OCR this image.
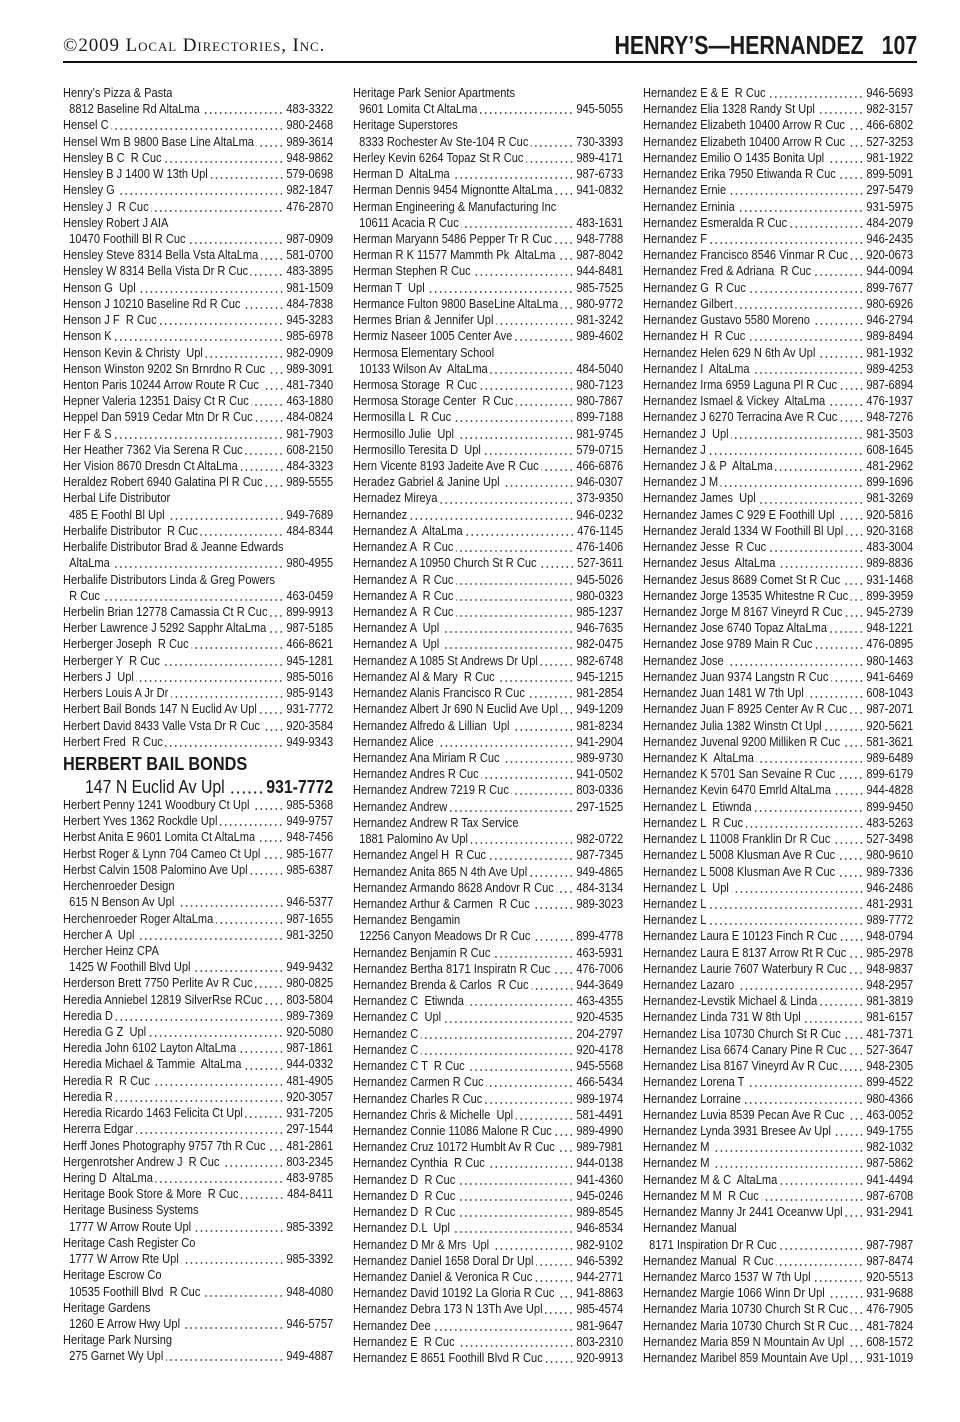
©2009 Local Directories, Inc.	HENRY’S—HERNANDEZ 107
Henry’s Pizza & Pasta
8812 Baseline Rd AltaLma	483-3322
Hensel C	980-2468
Hensel Wm B 9800 Base Line AltaLma	989-3614
Hensley B C  R Cuc	948-9862
Hensley B J 1400 W 13th Upl	579-0698
Hensley G	982-1847
Hensley J  R Cuc	476-2870
Hensley Robert J AIA
10470 Foothill Bl R Cuc	987-0909
Hensley Steve 8314 Bella Vsta AltaLma 581-0700
Hensley W 8314 Bella Vista Dr R Cuc	483-3895
Henson G  Upl	981-1509
Henson J 10210 Baseline Rd R Cuc	484-7838
Henson J F  R Cuc	945-3283
Henson K	985-6978
Henson Kevin & Christy  Upl	982-0909
Henson Winston 9202 Sn Brnrdno R Cuc 989-3091
Henton Paris 10244 Arrow Route R Cuc 481-7340
Hepner Valeria 12351 Daisy Ct R Cuc	463-1880
Heppel Dan 5919 Cedar Mtn Dr R Cuc	484-0824
Her F & S	981-7903
Her Heather 7362 Via Serena R Cuc	608-2150
Her Vision 8670 Dresdn Ct AltaLma	484-3323
Heraldez Robert 6940 Galatina Pl R Cuc 989-5555
Herbal Life Distributor
485 E Foothl Bl Upl	949-7689
Herbalife Distributor  R Cuc	484-8344
Herbalife Distributor Brad & Jeanne Edwards
AltaLma	980-4955
Herbalife Distributors Linda & Greg Powers
R Cuc	463-0459
Herbelin Brian 12778 Camassia Ct R Cuc 899-9913
Herber Lawrence J 5292 Sapphr AltaLma 987-5185
Herberger Joseph  R Cuc	466-8621
Herberger Y  R Cuc	945-1281
Herbers J  Upl	985-5016
Herbers Louis A Jr Dr	985-9143
Herbert Bail Bonds 147 N Euclid Av Upl 931-7772
Herbert David 8433 Valle Vsta Dr R Cuc 920-3584
Herbert Fred  R Cuc	949-9343
HERBERT BAIL BONDS
147 N Euclid Av Upl 931-7772
Herbert Penny 1241 Woodbury Ct Upl	985-5368
Herbert Yves 1362 Rockdle Upl	949-9757
Herbst Anita E 9601 Lomita Ct AltaLma 948-7456
Herbst Roger & Lynn 704 Cameo Ct Upl 985-1677
Herbst Calvin 1508 Palomino Ave Upl	985-6387
Herchenroeder Design
615 N Benson Av Upl	946-5377
Herchenroeder Roger AltaLma	987-1655
Hercher A  Upl	981-3250
Hercher Heinz CPA
1425 W Foothill Blvd Upl	949-9432
Herderson Brett 7750 Perlite Av R Cuc	980-0825
Heredia Anniebel 12819 SilverRse RCuc 803-5804
Heredia D	989-7369
Heredia G Z  Upl	920-5080
Heredia John 6102 Layton AltaLma	987-1861
Heredia Michael & Tammie  AltaLma	944-0332
Heredia R  R Cuc	481-4905
Heredia R	920-3057
Heredia Ricardo 1463 Felicita Ct Upl	931-7205
Hererra Edgar	297-1544
Herff Jones Photography 9757 7th R Cuc 481-2861
Hergenrotsher Andrew J  R Cuc	803-2345
Hering D  AltaLma	483-9785
Heritage Book Store & More  R Cuc	484-8411
Heritage Business Systems
1777 W Arrow Route Upl	985-3392
Heritage Cash Register Co
1777 W Arrow Rte Upl	985-3392
Heritage Escrow Co
10535 Foothill Blvd  R Cuc	948-4080
Heritage Gardens
1260 E Arrow Hwy Upl	946-5757
Heritage Park Nursing
275 Garnet Wy Upl	949-4887
Heritage Park Senior Apartments
9601 Lomita Ct AltaLma	945-5055
Heritage Superstores
8333 Rochester Av Ste-104 R Cuc	730-3393
Herley Kevin 6264 Topaz St R Cuc	989-4171
Herman D  AltaLma	987-6733
Herman Dennis 9454 Mignontte AltaLma 941-0832
Herman Engineering & Manufacturing Inc
10611 Acacia R Cuc	483-1631
Herman Maryann 5486 Pepper Tr R Cuc 948-7788
Herman R K 11577 Mammth Pk  AltaLma 987-8042
Herman Stephen R Cuc	944-8481
Herman T  Upl	985-7525
Hermance Fulton 9800 BaseLine AltaLma 980-9772
Hermes Brian & Jennifer Upl	981-3242
Hermiz Naseer 1005 Center Ave	989-4602
Hermosa Elementary School
10133 Wilson Av  AltaLma	484-5040
Hermosa Storage  R Cuc	980-7123
Hermosa Storage Center  R Cuc	980-7867
Hermosilla L  R Cuc	899-7188
Hermosillo Julie  Upl	981-9745
Hermosillo Teresita D  Upl	579-0715
Hern Vicente 8193 Jadeite Ave R Cuc	466-6876
Heradez Gabriel & Janine Upl	946-0307
Hernadez Mireya	373-9350
Hernandez	946-0232
Hernandez A  AltaLma	476-1145
Hernandez A  R Cuc	476-1406
Hernandez A 10950 Church St R Cuc	527-3611
Hernandez A  R Cuc	945-5026
Hernandez A  R Cuc	980-0323
Hernandez A  R Cuc	985-1237
Hernandez A  Upl	946-7635
Hernandez A  Upl	982-0475
Hernandez A 1085 St Andrews Dr Upl	982-6748
Hernandez Al & Mary  R Cuc	945-1215
Hernandez Alanis Francisco R Cuc	981-2854
Hernandez Albert Jr 690 N Euclid Ave Upl 949-1209
Hernandez Alfredo & Lillian  Upl	981-8234
Hernandez Alice	941-2904
Hernandez Ana Miriam R Cuc	989-9730
Hernandez Andres R Cuc	941-0502
Hernandez Andrew 7219 R Cuc	803-0336
Hernandez Andrew	297-1525
Hernandez Andrew R Tax Service
1881 Palomino Av Upl	982-0722
Hernandez Angel H  R Cuc	987-7345
Hernandez Anita 865 N 4th Ave Upl	949-4865
Hernandez Armando 8628 Andovr R Cuc 484-3134
Hernandez Arthur & Carmen  R Cuc	989-3023
Hernandez Bengamin
12256 Canyon Meadows Dr R Cuc	899-4778
Hernandez Benjamin R Cuc	463-5931
Hernandez Bertha 8171 Inspiratn R Cuc 476-7006
Hernandez Brenda & Carlos  R Cuc	944-3649
Hernandez C  Etiwnda	463-4355
Hernandez C  Upl	920-4535
Hernandez C	204-2797
Hernandez C	920-4178
Hernandez C T  R Cuc	945-5568
Hernandez Carmen R Cuc	466-5434
Hernandez Charles R Cuc	989-1974
Hernandez Chris & Michelle  Upl	581-4491
Hernandez Connie 11086 Malone R Cuc 989-4990
Hernandez Cruz 10172 Humblt Av R Cuc 989-7981
Hernandez Cynthia  R Cuc	944-0138
Hernandez D  R Cuc	941-4360
Hernandez D  R Cuc	945-0246
Hernandez D  R Cuc	989-8545
Hernandez D.L  Upl	946-8534
Hernandez D Mr & Mrs  Upl	982-9102
Hernandez Daniel 1658 Doral Dr Upl	946-5392
Hernandez Daniel & Veronica R Cuc	944-2771
Hernandez David 10192 La Gloria R Cuc 941-8863
Hernandez Debra 173 N 13Th Ave Upl	985-4574
Hernandez Dee	981-9647
Hernandez E  R Cuc	803-2310
Hernandez E 8651 Foothill Blvd R Cuc	920-9913
Hernandez E & E  R Cuc	946-5693
Hernandez Elia 1328 Randy St Upl	982-3157
Hernandez Elizabeth 10400 Arrow R Cuc 466-6802
Hernandez Elizabeth 10400 Arrow R Cuc 527-3253
Hernandez Emilio O 1435 Bonita Upl	981-1922
Hernandez Erika 7950 Etiwanda R Cuc 899-5091
Hernandez Ernie	297-5479
Hernandez Erninia	931-5975
Hernandez Esmeralda R Cuc	484-2079
Hernandez F	946-2435
Hernandez Francisco 8546 Vinmar R Cuc 920-0673
Hernandez Fred & Adriana  R Cuc	944-0094
Hernandez G  R Cuc	899-7677
Hernandez Gilbert	980-6926
Hernandez Gustavo 5580 Moreno	946-2794
Hernandez H  R Cuc	989-8494
Hernandez Helen 629 N 6th Av Upl	981-1932
Hernandez I  AltaLma	989-4253
Hernandez Irma 6959 Laguna Pl R Cuc 987-6894
Hernandez Ismael & Vickey  AltaLma	476-1937
Hernandez J 6270 Terracina Ave R Cuc 948-7276
Hernandez J  Upl	981-3503
Hernandez J	608-1645
Hernandez J & P  AltaLma	481-2962
Hernandez J M	899-1696
Hernandez James  Upl	981-3269
Hernandez James C 929 E Foothill Upl	920-5816
Hernandez Jerald 1334 W Foothill Bl Upl 920-3168
Hernandez Jesse  R Cuc	483-3004
Hernandez Jesus  AltaLma	989-8836
Hernandez Jesus 8689 Comet St R Cuc 931-1468
Hernandez Jorge 13535 Whitestne R Cuc 899-3959
Hernandez Jorge M 8167 Vineyrd R Cuc 945-2739
Hernandez Jose 6740 Topaz AltaLma	948-1221
Hernandez Jose 9789 Main R Cuc	476-0895
Hernandez Jose	980-1463
Hernandez Juan 9374 Langstn R Cuc	941-6469
Hernandez Juan 1481 W 7th Upl	608-1043
Hernandez Juan F 8925 Center Av R Cuc 987-2071
Hernandez Julia 1382 Winstn Ct Upl	920-5621
Hernandez Juvenal 9200 Milliken R Cuc 581-3621
Hernandez K  AltaLma	989-6489
Hernandez K 5701 San Sevaine R Cuc 899-6179
Hernandez Kevin 6470 Emrld AltaLma	944-4828
Hernandez L  Etiwnda	899-9450
Hernandez L  R Cuc	483-5263
Hernandez L 11008 Franklin Dr R Cuc	527-3498
Hernandez L 5008 Klusman Ave R Cuc 980-9610
Hernandez L 5008 Klusman Ave R Cuc 989-7336
Hernandez L  Upl	946-2486
Hernandez L	481-2931
Hernandez L	989-7772
Hernandez Laura E 10123 Finch R Cuc 948-0794
Hernandez Laura E 8137 Arrow Rt R Cuc 985-2978
Hernandez Laurie 7607 Waterbury R Cuc 948-9837
Hernandez Lazaro	948-2957
Hernandez-Levstik Michael & Linda	981-3819
Hernandez Linda 731 W 8th Upl	981-6157
Hernandez Lisa 10730 Church St R Cuc 481-7371
Hernandez Lisa 6674 Canary Pine R Cuc 527-3647
Hernandez Lisa 8167 Vineyrd Av R Cuc 948-2305
Hernandez Lorena T	899-4522
Hernandez Lorraine	980-4366
Hernandez Luvia 8539 Pecan Ave R Cuc 463-0052
Hernandez Lynda 3931 Bresee Av Upl	949-1755
Hernandez M	982-1032
Hernandez M	987-5862
Hernandez M & C  AltaLma	941-4494
Hernandez M M  R Cuc	987-6708
Hernandez Manny Jr 2441 Oceanvw Upl 931-2941
Hernandez Manual
8171 Inspiration Dr R Cuc	987-7987
Hernandez Manual  R Cuc	987-8474
Hernandez Marco 1537 W 7th Upl	920-5513
Hernandez Margie 1066 Winn Dr Upl	931-9688
Hernandez Maria 10730 Church St R Cuc 476-7905
Hernandez Maria 10730 Church St R Cuc 481-7824
Hernandez Maria 859 N Mountain Av Upl 608-1572
Hernandez Maribel 859 Mountain Ave Upl 931-1019
